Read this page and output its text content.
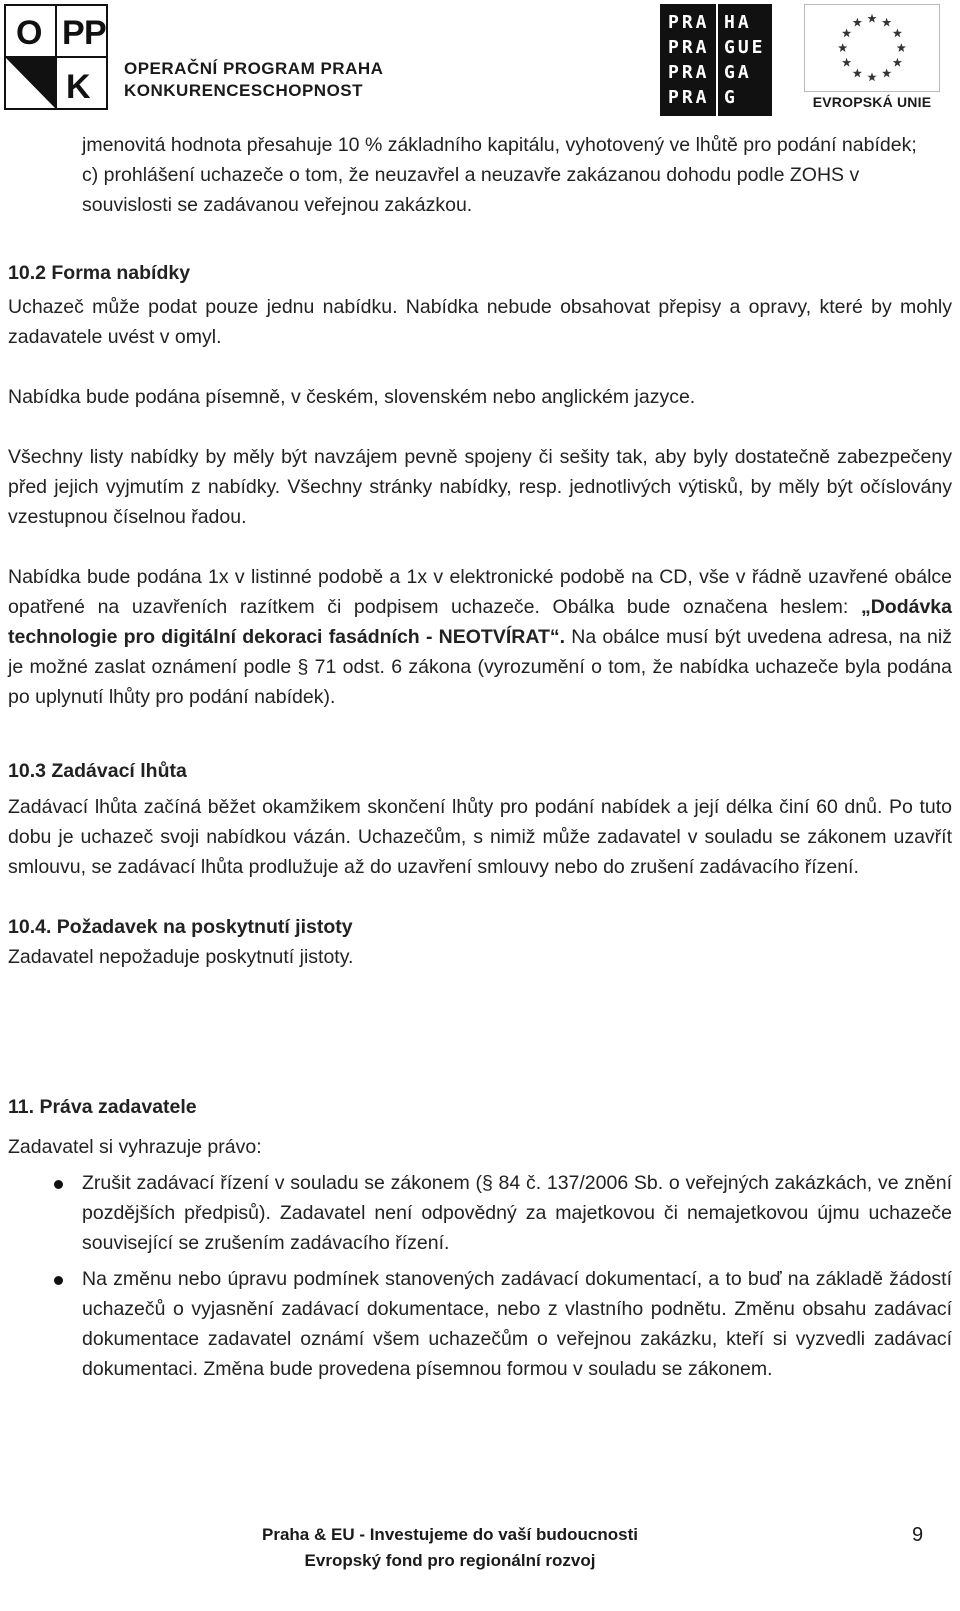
O P P
K OPERAČNÍ PROGRAM PRAHA
KONKURENCESCHOPNOST
PRA HA
PRA GUE
PRA GA
PRA G	EVROPSKÁ UNIE

jmenovitá hodnota přesahuje 10 % základního kapitálu, vyhotovený ve lhůtě pro podání nabídek;

c) prohlášení uchazeče o tom, že neuzavřel a neuzavře zakázanou dohodu podle ZOHS v souvislosti se zadávanou veřejnou zakázkou.

10.2 Forma nabídky

Uchazeč může podat pouze jednu nabídku. Nabídka nebude obsahovat přepisy a opravy, které by mohly zadavatele uvést v omyl.

Nabídka bude podána písemně, v českém, slovenském nebo anglickém jazyce.

Všechny listy nabídky by měly být navzájem pevně spojeny či sešity tak, aby byly dostatečně zabezpečeny před jejich vyjmutím z nabídky. Všechny stránky nabídky, resp. jednotlivých výtisků, by měly být očíslovány vzestupnou číselnou řadou.

Nabídka bude podána 1x v listinné podobě a 1x v elektronické podobě na CD, vše v řádně uzavřené obálce opatřené na uzavřeních razítkem či podpisem uchazeče. Obálka bude označena heslem: „Dodávka technologie pro digitální dekoraci fasádních - NEOTVÍRAT“. Na obálce musí být uvedena adresa, na niž je možné zaslat oznámení podle § 71 odst. 6 zákona (vyrozumění o tom, že nabídka uchazeče byla podána po uplynutí lhůty pro podání nabídek).

10.3 Zadávací lhůta

Zadávací lhůta začíná běžet okamžikem skončení lhůty pro podání nabídek a její délka činí 60 dnů. Po tuto dobu je uchazeč svoji nabídkou vázán. Uchazečům, s nimiž může zadavatel v souladu se zákonem uzavřít smlouvu, se zadávací lhůta prodlužuje až do uzavření smlouvy nebo do zrušení zadávacího řízení.

10.4. Požadavek na poskytnutí jistoty

Zadavatel nepožaduje poskytnutí jistoty.

11. Práva zadavatele

Zadavatel si vyhrazuje právo:

Zrušit zadávací řízení v souladu se zákonem (§ 84 č. 137/2006 Sb. o veřejných zakázkách, ve znění pozdějších předpisů). Zadavatel není odpovědný za majetkovou či nemajetkovou újmu uchazeče související se zrušením zadávacího řízení.
Na změnu nebo úpravu podmínek stanovených zadávací dokumentací, a to buď na základě žádostí uchazečů o vyjasnění zadávací dokumentace, nebo z vlastního podnětu. Změnu obsahu zadávací dokumentace zadavatel oznámí všem uchazečům o veřejnou zakázku, kteří si vyzvedli zadávací dokumentaci. Změna bude provedena písemnou formou v souladu se zákonem.
Praha & EU - Investujeme do vaší budoucnosti
Evropský fond pro regionální rozvoj
9
